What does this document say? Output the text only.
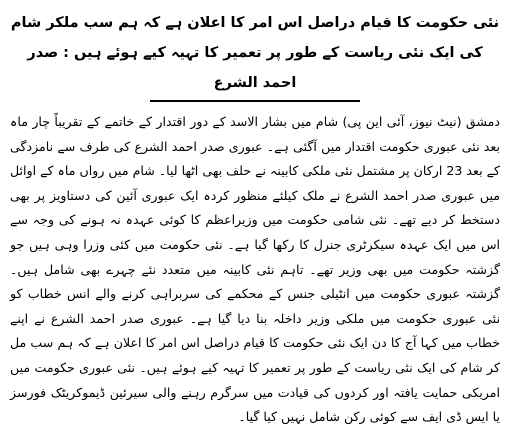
نئی حکومت کا قیام دراصل اس امر کا اعلان ہے کہ ہم سب ملکر شام کی ایک نئی ریاست کے طور پر تعمیر کا تہیہ کیے ہوئے ہیں : صدر احمد الشرع

دمشق (نیٹ نیوز، آئی این پی) شام میں بشار الاسد کے دور اقتدار کے خاتمے کے تقریباً چار ماہ بعد نئی عبوری حکومت اقتدار میں آگئی ہے۔ عبوری صدر احمد الشرع کی طرف سے نامزدگی کے بعد 23 ارکان پر مشتمل نئی ملکی کابینہ نے حلف بھی اٹھا لیا۔ شام میں رواں ماہ کے اوائل میں عبوری صدر احمد الشرع نے ملک کیلئے منظور کردہ ایک عبوری آئین کی دستاویز پر بھی دستخط کر دیے تھے۔ نئی شامی حکومت میں وزیراعظم کا کوئی عہدہ نہ ہونے کی وجہ سے اس میں ایک عہدہ سیکرٹری جنرل کا رکھا گیا ہے۔ نئی حکومت میں کئی وزرا وہی ہیں جو گزشتہ حکومت میں بھی وزیر تھے۔ تاہم نئی کابینہ میں متعدد نئے چہرے بھی شامل ہیں۔ گزشتہ عبوری حکومت میں انٹیلی جنس کے محکمے کی سربراہی کرنے والے انس خطاب کو نئی عبوری حکومت میں ملکی وزیر داخلہ بنا دیا گیا ہے۔ عبوری صدر احمد الشرع نے اپنے خطاب میں کہا آج کا دن ایک نئی حکومت کا قیام دراصل اس امر کا اعلان ہے کہ ہم سب مل کر شام کی ایک نئی ریاست کے طور پر تعمیر کا تہیہ کیے ہوئے ہیں۔ نئی عبوری حکومت میں امریکی حمایت یافتہ اور کردوں کی قیادت میں سرگرم رہنے والی سیرئین ڈیموکریٹک فورسز یا ایس ڈی ایف سے کوئی رکن شامل نہیں کیا گیا۔
